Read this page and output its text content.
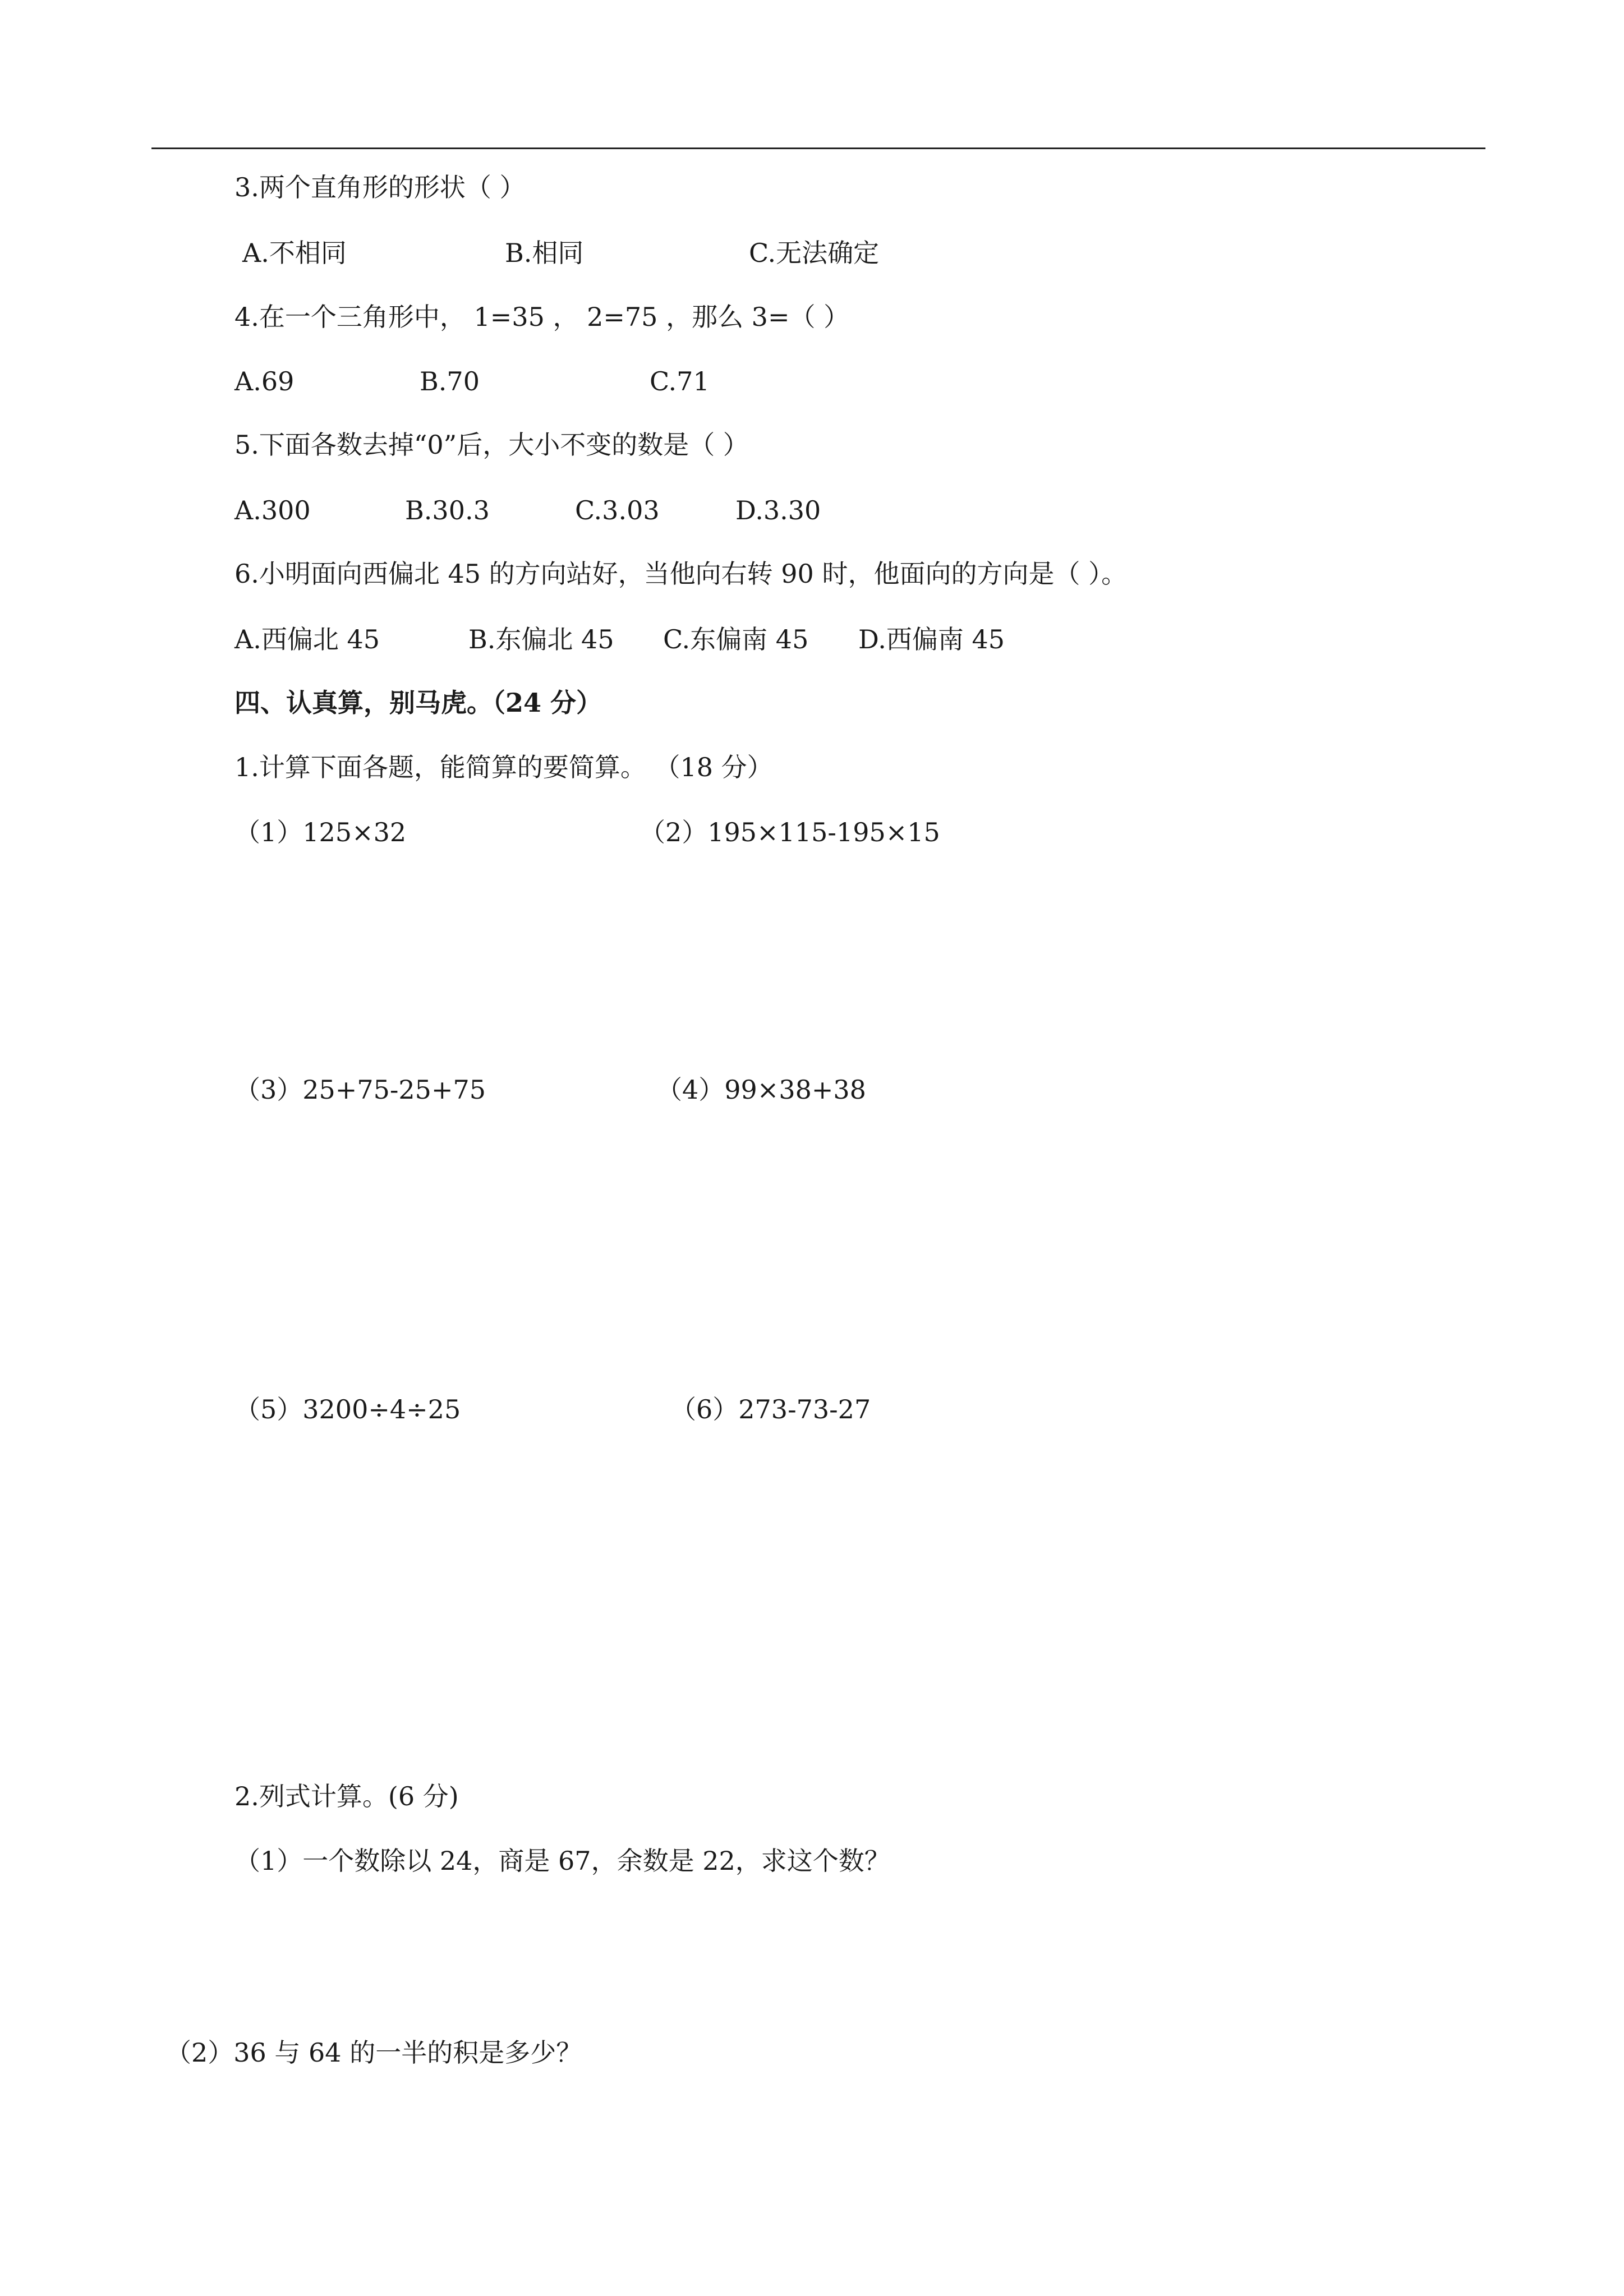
3.两个直角形的形状（ ）
A.不相同	B.相同	C.无法确定
4.在一个三角形中， 1=35 ， 2=75 ，那么 3=（ ）
A.69	B.70	C.71
5.下面各数去掉“0”后，大小不变的数是（ ）
A.300	B.30.3	C.3.03	D.3.30
6.小明面向西偏北 45 的方向站好，当他向右转 90 时，他面向的方向是（ ）。
A.西偏北 45	B.东偏北 45 C.东偏南 45 D.西偏南 45
四、认真算，别马虎。（24 分）
1.计算下面各题，能简算的要简算。 （18 分）
（1）125×32	（2）195×115-195×15
（3）25+75-25+75	（4）99×38+38
（5）3200÷4÷25	（6）273-73-27
2.列式计算。(6 分)
（1）一个数除以 24，商是 67，余数是 22，求这个数？
（2）36 与 64 的一半的积是多少？
